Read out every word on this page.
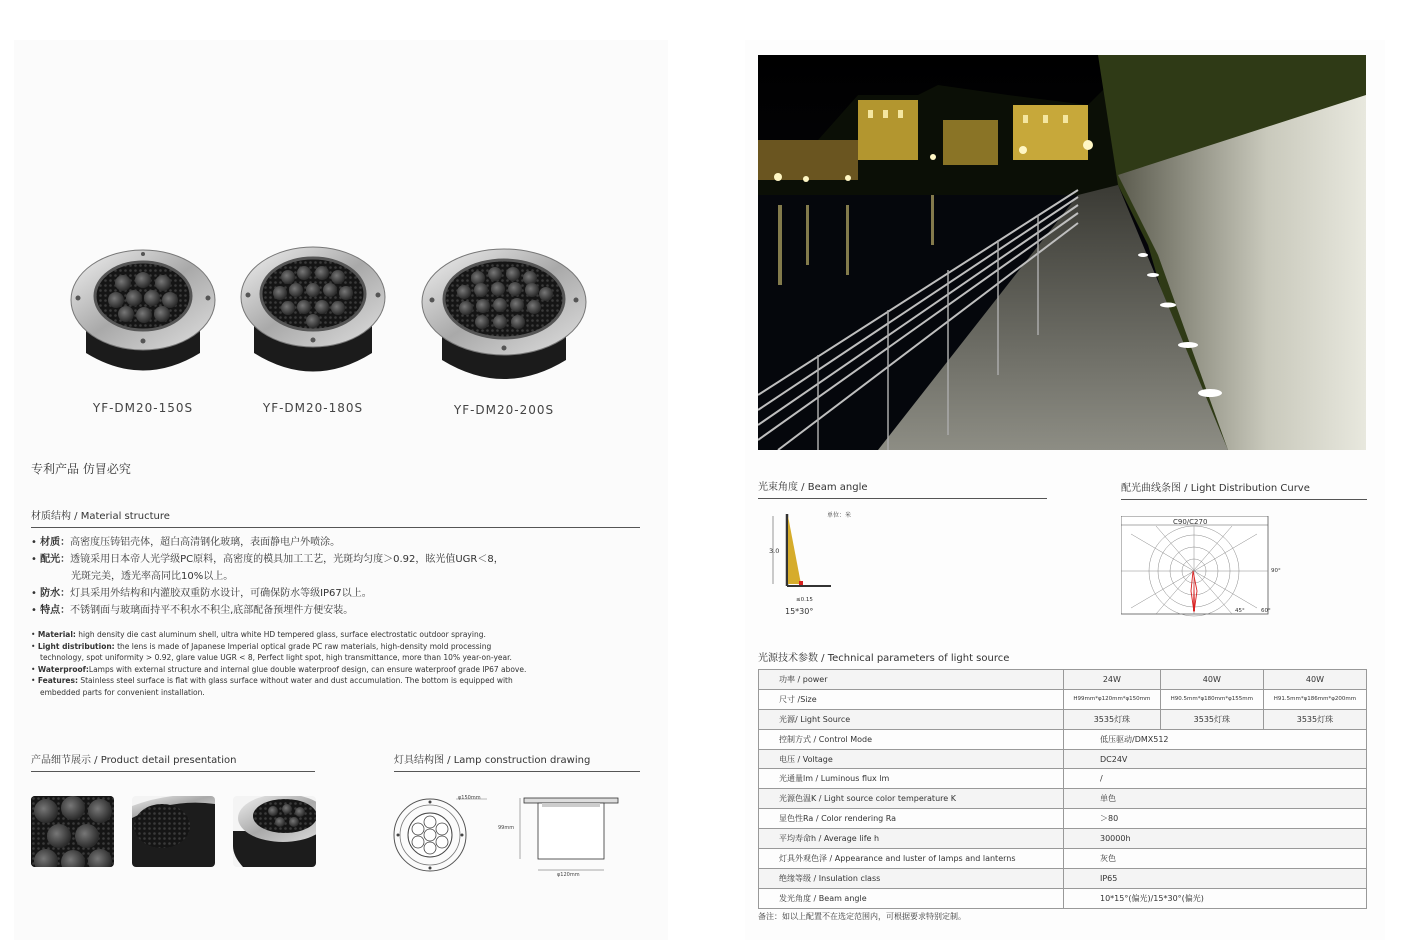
YF-DM20-150S	YF-DM20-180S	YF-DM20-200S
专利产品 仿冒必究
材质结构 / Material structure
• 材质：高密度压铸铝壳体，超白高清钢化玻璃，表面静电户外喷涂。
• 配光：透镜采用日本帝人光学级PC原料，高密度的模具加工工艺，光斑均匀度＞0.92，眩光值UGR＜8，
光斑完美，透光率高同比10%以上。
• 防水：灯具采用外结构和内灌胶双重防水设计，可确保防水等级IP67以上。
• 特点：不锈钢面与玻璃面持平不积水不积尘,底部配备预埋件方便安装。
• Material: high density die cast aluminum shell, ultra white HD tempered glass, surface electrostatic outdoor spraying.
• Light distribution: the lens is made of Japanese Imperial optical grade PC raw materials, high-density mold processing
technology, spot uniformity > 0.92, glare value UGR < 8, Perfect light spot, high transmittance, more than 10% year-on-year.
• Waterproof:Lamps with external structure and internal glue double waterproof design, can ensure waterproof grade IP67 above.
• Features: Stainless steel surface is flat with glass surface without water and dust accumulation. The bottom is equipped with
embedded parts for convenient installation.
产品细节展示 / Product detail presentation	灯具结构图 / Lamp construction drawing
φ150mm
99mm
φ120mm
光束角度 / Beam angle
单位：米
3.0
≤0.15
15*30°
配光曲线条图 / Light Distribution Curve
C90/C270
90°
45°	60°
光源技术参数 / Technical parameters of light source
功率 / power	24W	40W	40W
尺寸 /Size	H99mm*φ120mm*φ150mm	H90.5mm*φ180mm*φ155mm	H91.5mm*φ186mm*φ200mm
光源/ Light Source	3535灯珠	3535灯珠	3535灯珠
控制方式 / Control Mode	低压驱动/DMX512		
电压 / Voltage	DC24V		
光通量lm / Luminous flux lm	/		
光源色温K / Light source color temperature K	单色		
显色性Ra / Color rendering Ra	＞80		
平均寿命h / Average life h	30000h		
灯具外观色泽 / Appearance and luster of lamps and lanterns	灰色		
绝缘等级 / Insulation class	IP65		
发光角度 / Beam angle	10*15°(偏光)/15*30°(偏光)		
备注：如以上配置不在选定范围内，可根据要求特别定制。
